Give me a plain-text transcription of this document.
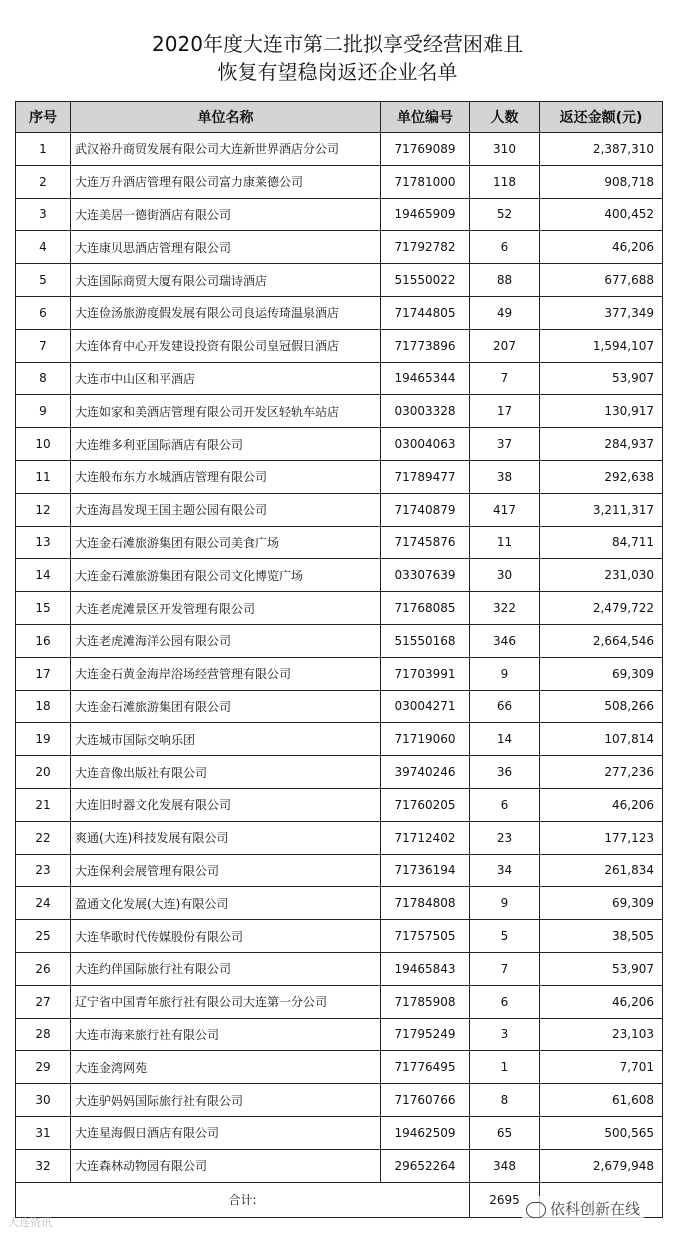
2020年度大连市第二批拟享受经营困难且
恢复有望稳岗返还企业名单
序号	单位名称	单位编号	人数	返还金额(元)
1	武汉裕升商贸发展有限公司大连新世界酒店分公司	71769089	310	2,387,310
2	大连万升酒店管理有限公司富力康莱德公司	71781000	118	908,718
3	大连美居一德街酒店有限公司	19465909	52	400,452
4	大连康贝思酒店管理有限公司	71792782	6	46,206
5	大连国际商贸大厦有限公司瑞诗酒店	51550022	88	677,688
6	大连俭汤旅游度假发展有限公司良运传琦温泉酒店	71744805	49	377,349
7	大连体育中心开发建设投资有限公司皇冠假日酒店	71773896	207	1,594,107
8	大连市中山区和平酒店	19465344	7	53,907
9	大连如家和美酒店管理有限公司开发区轻轨车站店	03003328	17	130,917
10	大连维多利亚国际酒店有限公司	03004063	37	284,937
11	大连般布东方水城酒店管理有限公司	71789477	38	292,638
12	大连海昌发现王国主题公园有限公司	71740879	417	3,211,317
13	大连金石滩旅游集团有限公司美食广场	71745876	11	84,711
14	大连金石滩旅游集团有限公司文化博览广场	03307639	30	231,030
15	大连老虎滩景区开发管理有限公司	71768085	322	2,479,722
16	大连老虎滩海洋公园有限公司	51550168	346	2,664,546
17	大连金石黄金海岸浴场经营管理有限公司	71703991	9	69,309
18	大连金石滩旅游集团有限公司	03004271	66	508,266
19	大连城市国际交响乐团	71719060	14	107,814
20	大连音像出版社有限公司	39740246	36	277,236
21	大连旧时器文化发展有限公司	71760205	6	46,206
22	爽通(大连)科技发展有限公司	71712402	23	177,123
23	大连保利会展管理有限公司	71736194	34	261,834
24	盈通文化发展(大连)有限公司	71784808	9	69,309
25	大连华歌时代传媒股份有限公司	71757505	5	38,505
26	大连约伴国际旅行社有限公司	19465843	7	53,907
27	辽宁省中国青年旅行社有限公司大连第一分公司	71785908	6	46,206
28	大连市海来旅行社有限公司	71795249	3	23,103
29	大连金湾网苑	71776495	1	7,701
30	大连驴妈妈国际旅行社有限公司	71760766	8	61,608
31	大连星海假日酒店有限公司	19462509	65	500,565
32	大连森林动物园有限公司	29652264	348	2,679,948
合计:			2695	
大连资讯
依科创新在线
